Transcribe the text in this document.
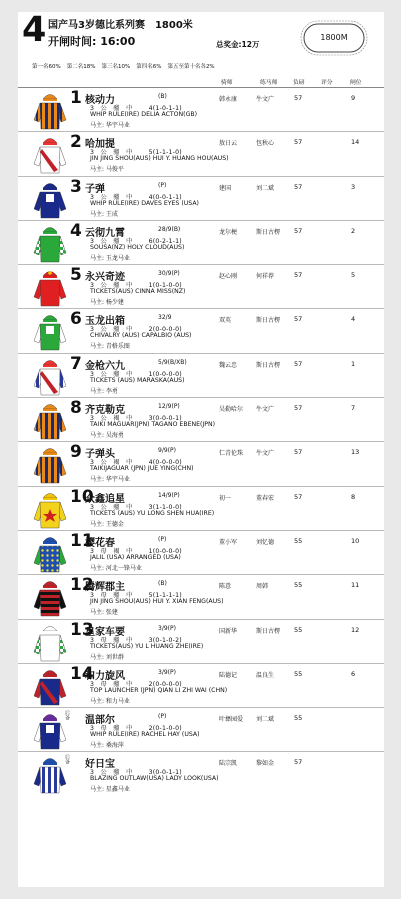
4 国产马3岁德比系列赛　1800米
开闸时间: 16:00	总奖金:12万
1800M
第一名60% 第二名18% 第三名10% 第四名6% 第五至第十名各2%
骑师	练马师	负磅	评分	闸位
1 核动力	(B)
3　公　骝　中	4(1-0-1-1)
WHIP RULE(IRE) DELIA ACTON(GB)
马主: 华宇马业
韩永康	牛文广	57	9
2 哈加提
3　公　骝　中	5(1-1-1-0)
JIN JING SHOU(AUS) HUI Y. HUANG HOU(AUS)
马主: 马俊平
敖日云	包秋心	57	14
3 子弹	(P)
3　公　骝　中	4(0-0-1-1)
WHIP RULE(IRE) DAVES EYES (USA)
马主: 王成
建国	刘二斌	57	3
4 云彻九霄	28/9(B)
3　公　骝　中	6(0-2-1-1)
SOUSA(NZ) HOLY CLOUD(AUS)
马主: 玉龙马业
龙尔梗	斯日古楞 57	2
5 永兴奇迹	30/9(P)
3　公　骝　中	1(0-1-0-0)
TICKETS(AUS) CINNA MISS(NZ)
马主: 杨少建
赵心刚	何祥荐	57	5
6 玉龙出箱	32/9
3　公　骝　中	2(0-0-0-0)
CHIVALRY (AUS) CAPALBIO (AUS)
马主: 青格乐图
双英	斯日古楞 57	4
7 金枪六九	5/9(B/XB)
3　公　骝　中	1(0-0-0-0)
TICKETS (AUS) MARASKA(AUS)
马主: 李勇
魏云忠	斯日古楞 57	1
8 齐克勒克	12/9(P)
3　公　褐　中	3(0-0-0-1)
TAIKI MAGUAR(JPN) TAGANO EBENE(JPN)
马主: 吴海勇
吴勒哈尔 牛文广	57	7
9 子弹头	9/9(P)
3　公　褐　中	4(0-0-0-0)
TAIKIJAGUAR (JPN) JUE YING(CHN)
马主: 华宇马业
仁青伦珠 牛文广	57	13
10
众鑫追星	14/9(P)
3　公　骝　中	3(1-1-0-0)
TICKETS (AUS) YU LONG SHEN HUA(IRE)
马主: 王德金
初一	董春宏	57	8
11
樱花春	(P)
3　母　褐　中	1(0-0-0-0)
JALIL (USA) ARRANGED (USA)
马主: 河北一锋马业
董小军	刘忆德	55	10
12
腾辉郡主	(B)
3　母　骝　中	5(1-1-1-1)
JIN JING SHOU(AUS) HUI Y. XIAN FENG(AUS)
马主: 张建
陈意	周韩	55	11
13
皇家车要	3/9(P)
3　母　骝　中	3(0-1-0-2)
TICKETS(AUS) YU L HUANG ZHE(IRE)
马主: 刘世群
国新华	斯日古楞 55	12
14
和力旋风	3/9(P)
3　母　骝　中	2(0-0-0-0)
TOP LAUNCHER (JPN) QIAN LI ZHI WAI (CHN)
马主: 和力马业
陆德记	温良生	55	6
后备 温部尔	(P)
3　母　骝　中	2(0-1-0-0)
WHIP RULE(IRE) RACHEL HAY (USA)
马主: 桑海萍
叶彝园爱 刘二斌	55
后备 好日宝
3　公　骝　中	3(0-0-1-1)
BLAZING OUTLAW(USA) LADY LOOK(USA)
马主: 星鑫马业
陆宗凯	黎如金	57
